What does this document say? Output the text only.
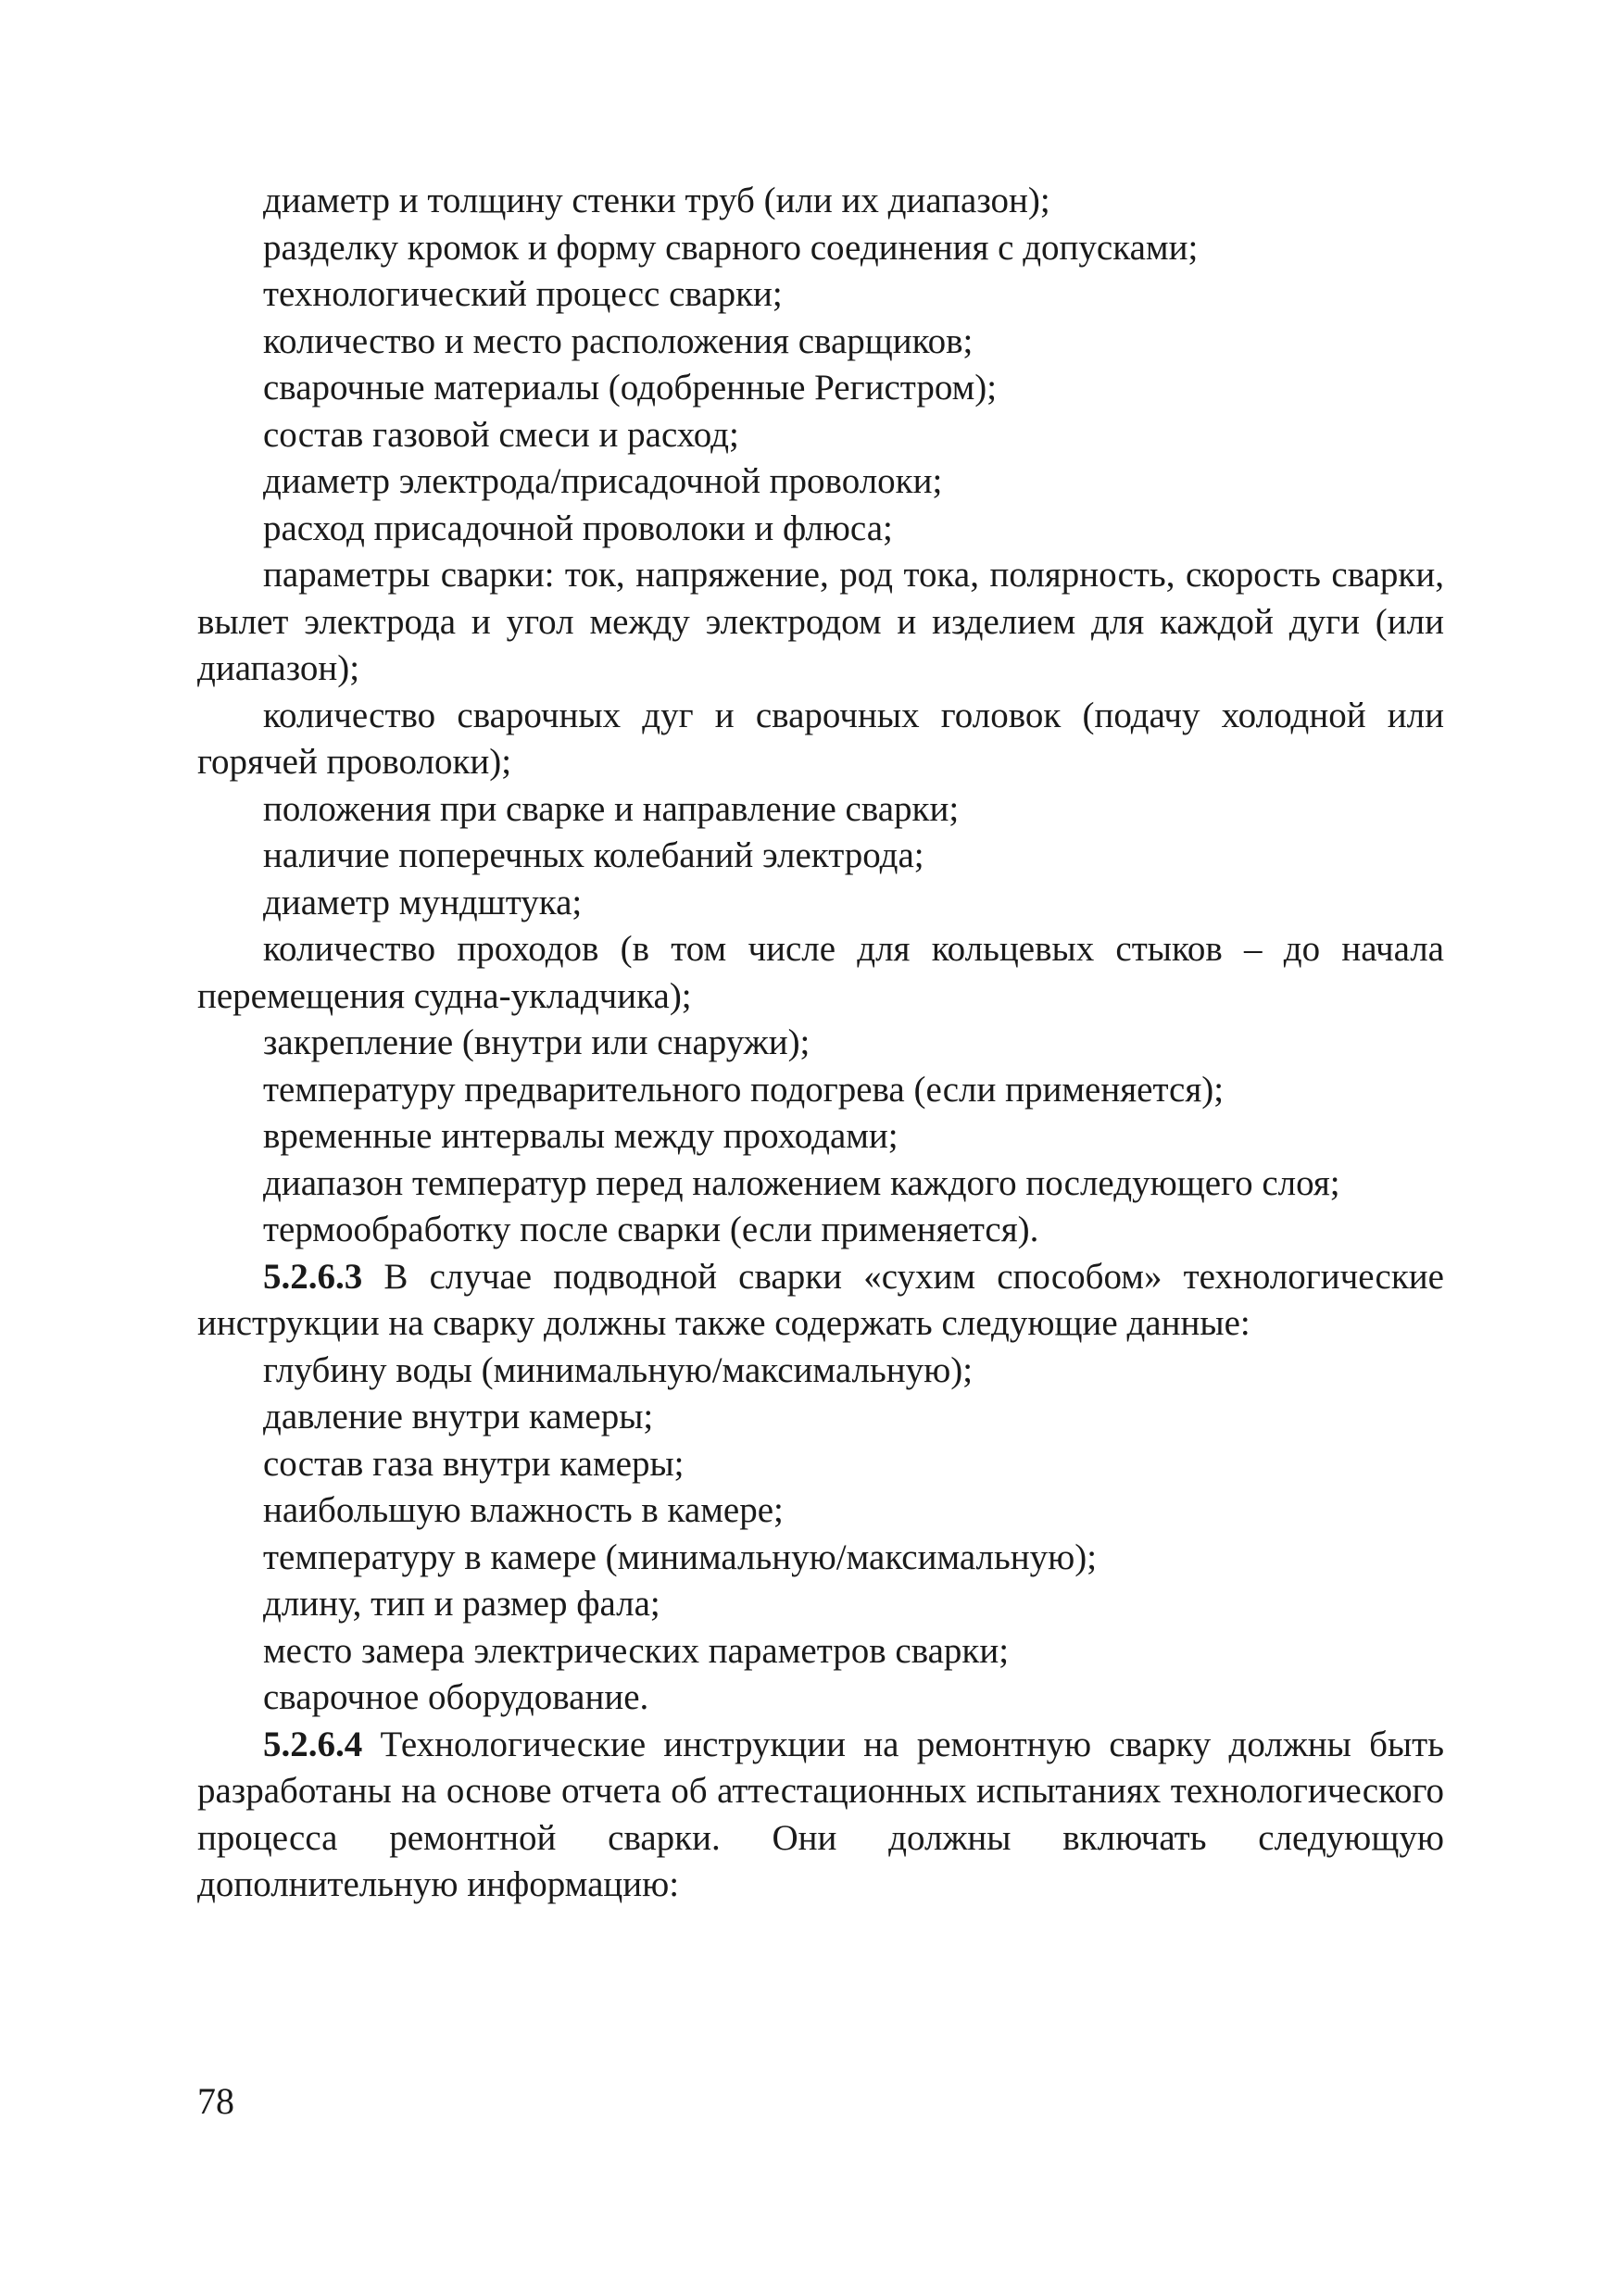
диаметр и толщину стенки труб (или их диапазон);

разделку кромок и форму сварного соединения с допусками;

технологический процесс сварки;

количество и место расположения сварщиков;

сварочные материалы (одобренные Регистром);

состав газовой смеси и расход;

диаметр электрода/присадочной проволоки;

расход присадочной проволоки и флюса;

параметры сварки: ток, напряжение, род тока, полярность, скорость сварки, вылет электрода и угол между электродом и изделием для каждой дуги (или диапазон);

количество сварочных дуг и сварочных головок (подачу холодной или горячей проволоки);

положения при сварке и направление сварки;

наличие поперечных колебаний электрода;

диаметр мундштука;

количество проходов (в том числе для кольцевых стыков – до начала перемещения судна-укладчика);

закрепление (внутри или снаружи);

температуру предварительного подогрева (если применяется);

временные интервалы между проходами;

диапазон температур перед наложением каждого последующего слоя;

термообработку после сварки (если применяется).

5.2.6.3 В случае подводной сварки «сухим способом» технологические инструкции на сварку должны также содержать следующие данные:

глубину воды (минимальную/максимальную);

давление внутри камеры;

состав газа внутри камеры;

наибольшую влажность в камере;

температуру в камере (минимальную/максимальную);

длину, тип и размер фала;

место замера электрических параметров сварки;

сварочное оборудование.

5.2.6.4 Технологические инструкции на ремонтную сварку должны быть разработаны на основе отчета об аттестационных испытаниях технологического процесса ремонтной сварки. Они должны включать следующую дополнительную информацию:

78
